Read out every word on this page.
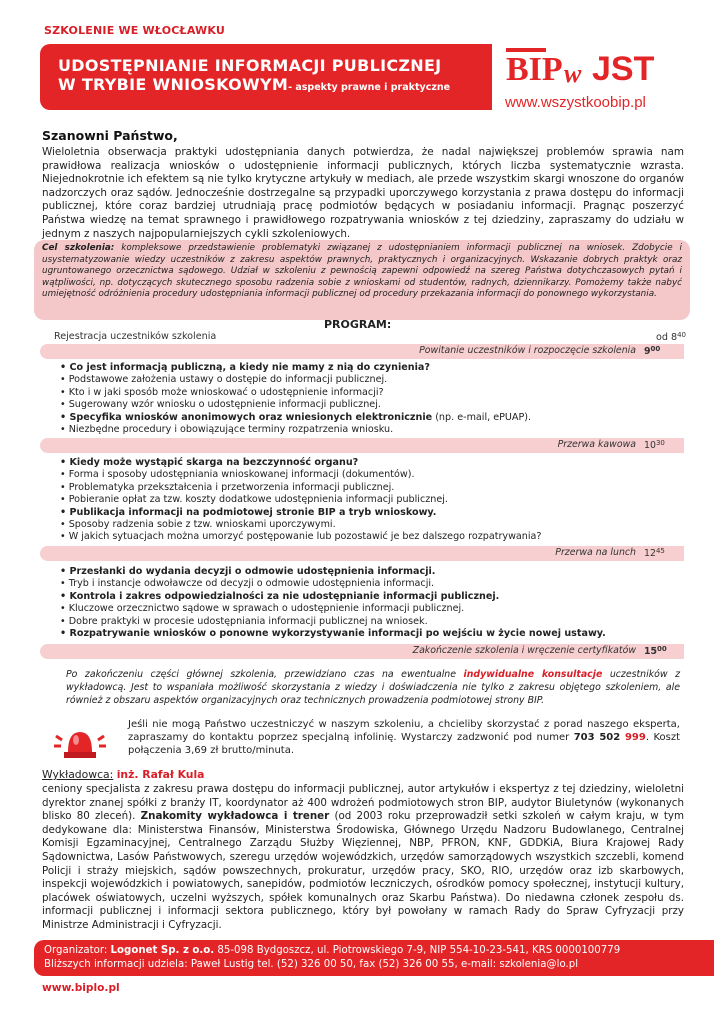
SZKOLENIE WE WŁOCŁAWKU
UDOSTĘPNIANIE INFORMACJI PUBLICZNEJ
W TRYBIE WNIOSKOWYM- aspekty prawne i praktyczne	BIP w JST
www.wszystkoobip.pl
Szanowni Państwo,
Wieloletnia obserwacja praktyki udostępniania danych potwierdza, że nadal największej problemów sprawia nam prawidłowa realizacja wniosków o udostępnienie informacji publicznych, których liczba systematycznie wzrasta. Niejednokrotnie ich efektem są nie tylko krytyczne artykuły w mediach, ale przede wszystkim skargi wnoszone do organów nadzorczych oraz sądów. Jednocześnie dostrzegalne są przypadki uporczywego korzystania z prawa dostępu do informacji publicznej, które coraz bardziej utrudniają pracę podmiotów będących w posiadaniu informacji. Pragnąc poszerzyć Państwa wiedzę na temat sprawnego i prawidłowego rozpatrywania wniosków z tej dziedziny, zapraszamy do udziału w jednym z naszych najpopularniejszych cykli szkoleniowych.
Cel szkolenia: kompleksowe przedstawienie problematyki związanej z udostępnianiem informacji publicznej na wniosek. Zdobycie i usystematyzowanie wiedzy uczestników z zakresu aspektów prawnych, praktycznych i organizacyjnych. Wskazanie dobrych praktyk oraz ugruntowanego orzecznictwa sądowego. Udział w szkoleniu z pewnością zapewni odpowiedź na szereg Państwa dotychczasowych pytań i wątpliwości, np. dotyczących skutecznego sposobu radzenia sobie z wnioskami od studentów, radnych, dziennikarzy. Pomożemy także nabyć umiejętność odróżnienia procedury udostępniania informacji publicznej od procedury przekazania informacji do ponownego wykorzystania.
PROGRAM:
Rejestracja uczestników szkolenia	od $8^{40}$
Powitanie uczestników i rozpoczęcie szkolenia $9^{00}$
• Co jest informacją publiczną, a kiedy nie mamy z nią do czynienia?
• Podstawowe założenia ustawy o dostępie do informacji publicznej.
• Kto i w jaki sposób może wnioskować o udostępnienie informacji?
• Sugerowany wzór wniosku o udostępnienie informacji publicznej.
• Specyfika wniosków anonimowych oraz wniesionych elektronicznie (np. e-mail, ePUAP).
• Niezbędne procedury i obowiązujące terminy rozpatrzenia wniosku.
Przerwa kawowa $10^{30}$
• Kiedy może wystąpić skarga na bezczynność organu?
• Forma i sposoby udostępniania wnioskowanej informacji (dokumentów).
• Problematyka przekształcenia i przetworzenia informacji publicznej.
• Pobieranie opłat za tzw. koszty dodatkowe udostępnienia informacji publicznej.
• Publikacja informacji na podmiotowej stronie BIP a tryb wnioskowy.
• Sposoby radzenia sobie z tzw. wnioskami uporczywymi.
• W jakich sytuacjach można umorzyć postępowanie lub pozostawić je bez dalszego rozpatrywania?
Przerwa na lunch $12^{45}$
• Przesłanki do wydania decyzji o odmowie udostępnienia informacji.
• Tryb i instancje odwoławcze od decyzji o odmowie udostępnienia informacji.
• Kontrola i zakres odpowiedzialności za nie udostępnianie informacji publicznej.
• Kluczowe orzecznictwo sądowe w sprawach o udostępnienie informacji publicznej.
• Dobre praktyki w procesie udostępniania informacji publicznej na wniosek.
• Rozpatrywanie wniosków o ponowne wykorzystywanie informacji po wejściu w życie nowej ustawy.
Zakończenie szkolenia i wręczenie certyfikatów $15^{00}$
Po zakończeniu części głównej szkolenia, przewidziano czas na ewentualne indywidualne konsultacje uczestników z wykładowcą. Jest to wspaniała możliwość skorzystania z wiedzy i doświadczenia nie tylko z zakresu objętego szkoleniem, ale również z obszaru aspektów organizacyjnych oraz technicznych prowadzenia podmiotowej strony BIP.
Jeśli nie mogą Państwo uczestniczyć w naszym szkoleniu, a chcieliby skorzystać z porad naszego eksperta, zapraszamy do kontaktu poprzez specjalną infolinię. Wystarczy zadzwonić pod numer 703 502 999. Koszt połączenia 3,69 zł brutto/minuta.
Wykładowca: inż. Rafał Kula
ceniony specjalista z zakresu prawa dostępu do informacji publicznej, autor artykułów i ekspertyz z tej dziedziny, wieloletni dyrektor znanej spółki z branży IT, koordynator aż 400 wdrożeń podmiotowych stron BIP, audytor Biuletynów (wykonanych blisko 80 zleceń). Znakomity wykładowca i trener (od 2003 roku przeprowadził setki szkoleń w całym kraju, w tym dedykowane dla: Ministerstwa Finansów, Ministerstwa Środowiska, Głównego Urzędu Nadzoru Budowlanego, Centralnej Komisji Egzaminacyjnej, Centralnego Zarządu Służby Więziennej, NBP, PFRON, KNF, GDDKiA, Biura Krajowej Rady Sądownictwa, Lasów Państwowych, szeregu urzędów wojewódzkich, urzędów samorządowych wszystkich szczebli, komend Policji i straży miejskich, sądów powszechnych, prokuratur, urzędów pracy, SKO, RIO, urzędów oraz izb skarbowych, inspekcji wojewódzkich i powiatowych, sanepidów, podmiotów leczniczych, ośrodków pomocy społecznej, instytucji kultury, placówek oświatowych, uczelni wyższych, spółek komunalnych oraz Skarbu Państwa). Do niedawna członek zespołu ds. informacji publicznej i informacji sektora publicznego, który był powołany w ramach Rady do Spraw Cyfryzacji przy Ministrze Administracji i Cyfryzacji.
Organizator: Logonet Sp. z o.o. 85-098 Bydgoszcz, ul. Piotrowskiego 7-9, NIP 554-10-23-541, KRS 0000100779
Bliższych informacji udziela: Paweł Lustig tel. (52) 326 00 50, fax (52) 326 00 55, e-mail: szkolenia@lo.pl
www.biplo.pl
